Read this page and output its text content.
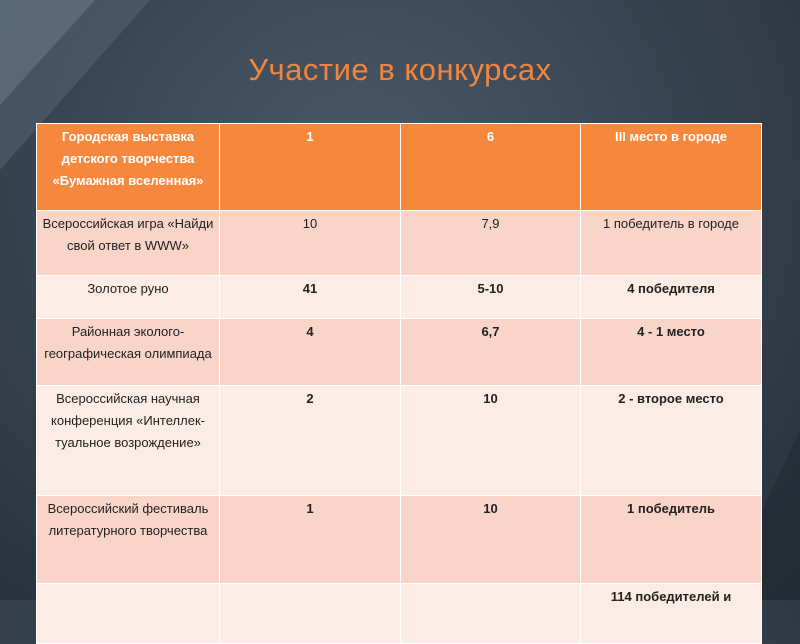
Участие в конкурсах
Городская выставка детского творчества «Бумажная вселенная»	1	6	III место в городе
Всероссийская игра «Найди свой ответ в WWW»	10	7,9	1 победитель в городе
Золотое руно	41	5-10	4 победителя
Районная эколого-географическая олимпиада	4	6,7	4 - 1 место
Всероссийская научная конференция «Интеллек-туальное возрождение»	2	10	2 - второе место
Всероссийский фестиваль литературного творчества	1	10	1 победитель
			114 победителей и
